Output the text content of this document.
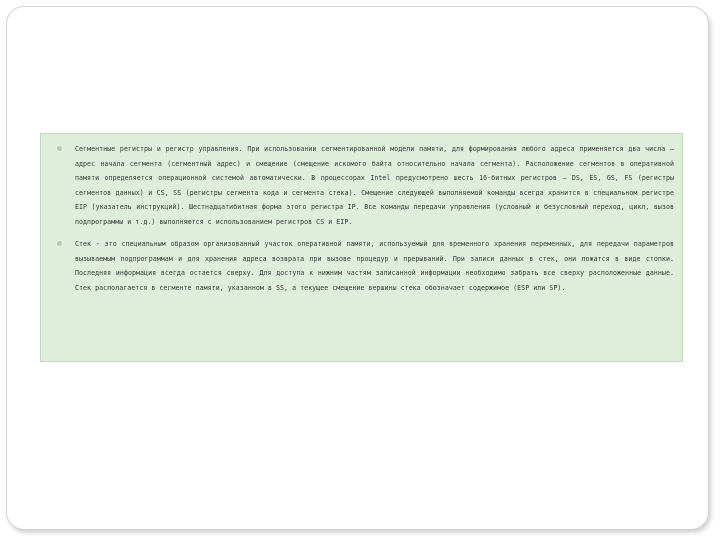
Сегментные регистры и регистр управления. При использовании сегментированной модели памяти, для формирования любого адреса применяется два числа – адрес начала сегмента (сегментный адрес) и смещение (смещение искомого байта относительно начала сегмента). Расположение сегментов в оперативной памяти определяется операционной системой автоматически. В процессорах Intel предусмотрено шесть 16-битных регистров – DS, ES, GS, FS (регистры сегментов данных) и CS, SS (регистры сегмента кода и сегмента стека). Смещение следующей выполняемой команды всегда хранится в специальном регистре EIP (указатель инструкций). Шестнадцатибитная форма этого регистра IP. Все команды передачи управления (условный и безусловный переход, цикл, вызов подпрограммы и т.д.) выполняются с использованием регистров CS и EIP.

Стек - это специальным образом организованный участок оперативной памяти, используемый для временного хранения переменных, для передачи параметров вызываемым подпрограммам и для хранения адреса возврата при вызове процедур и прерываний. При записи данных в стек, они ложатся в виде стопки. Последняя информация всегда остается сверху. Для доступа к нижним частям записанной информации необходимо забрать все сверху расположенные данные. Стек располагается в сегменте памяти, указанном в SS, а текущее смещение вершины стека обозначает содержимое (ESP или SP).
